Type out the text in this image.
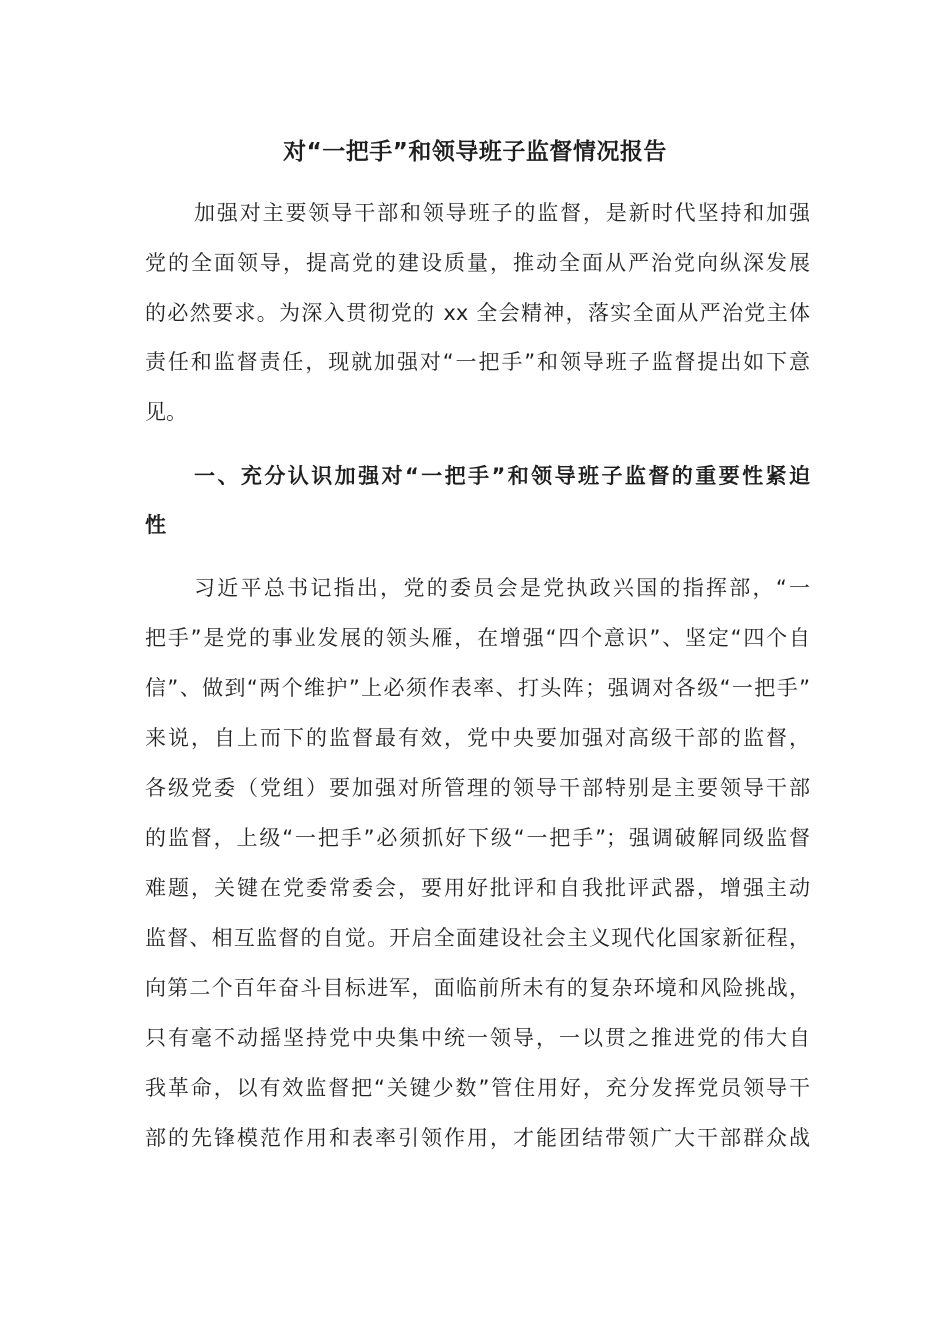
对“一把手”和领导班子监督情况报告
加强对主要领导干部和领导班子的监督，是新时代坚持和加强
党的全面领导，提高党的建设质量，推动全面从严治党向纵深发展
的必然要求。为深入贯彻党的 xx 全会精神，落实全面从严治党主体
责任和监督责任，现就加强对“一把手”和领导班子监督提出如下意
见。
一、充分认识加强对“一把手”和领导班子监督的重要性紧迫
性
习近平总书记指出，党的委员会是党执政兴国的指挥部，“一
把手”是党的事业发展的领头雁，在增强“四个意识”、坚定“四个自
信”、做到“两个维护”上必须作表率、打头阵；强调对各级“一把手”
来说，自上而下的监督最有效，党中央要加强对高级干部的监督，
各级党委（党组）要加强对所管理的领导干部特别是主要领导干部
的监督，上级“一把手”必须抓好下级“一把手”；强调破解同级监督
难题，关键在党委常委会，要用好批评和自我批评武器，增强主动
监督、相互监督的自觉。开启全面建设社会主义现代化国家新征程，
向第二个百年奋斗目标进军，面临前所未有的复杂环境和风险挑战，
只有毫不动摇坚持党中央集中统一领导，一以贯之推进党的伟大自
我革命，以有效监督把“关键少数”管住用好，充分发挥党员领导干
部的先锋模范作用和表率引领作用，才能团结带领广大干部群众战
